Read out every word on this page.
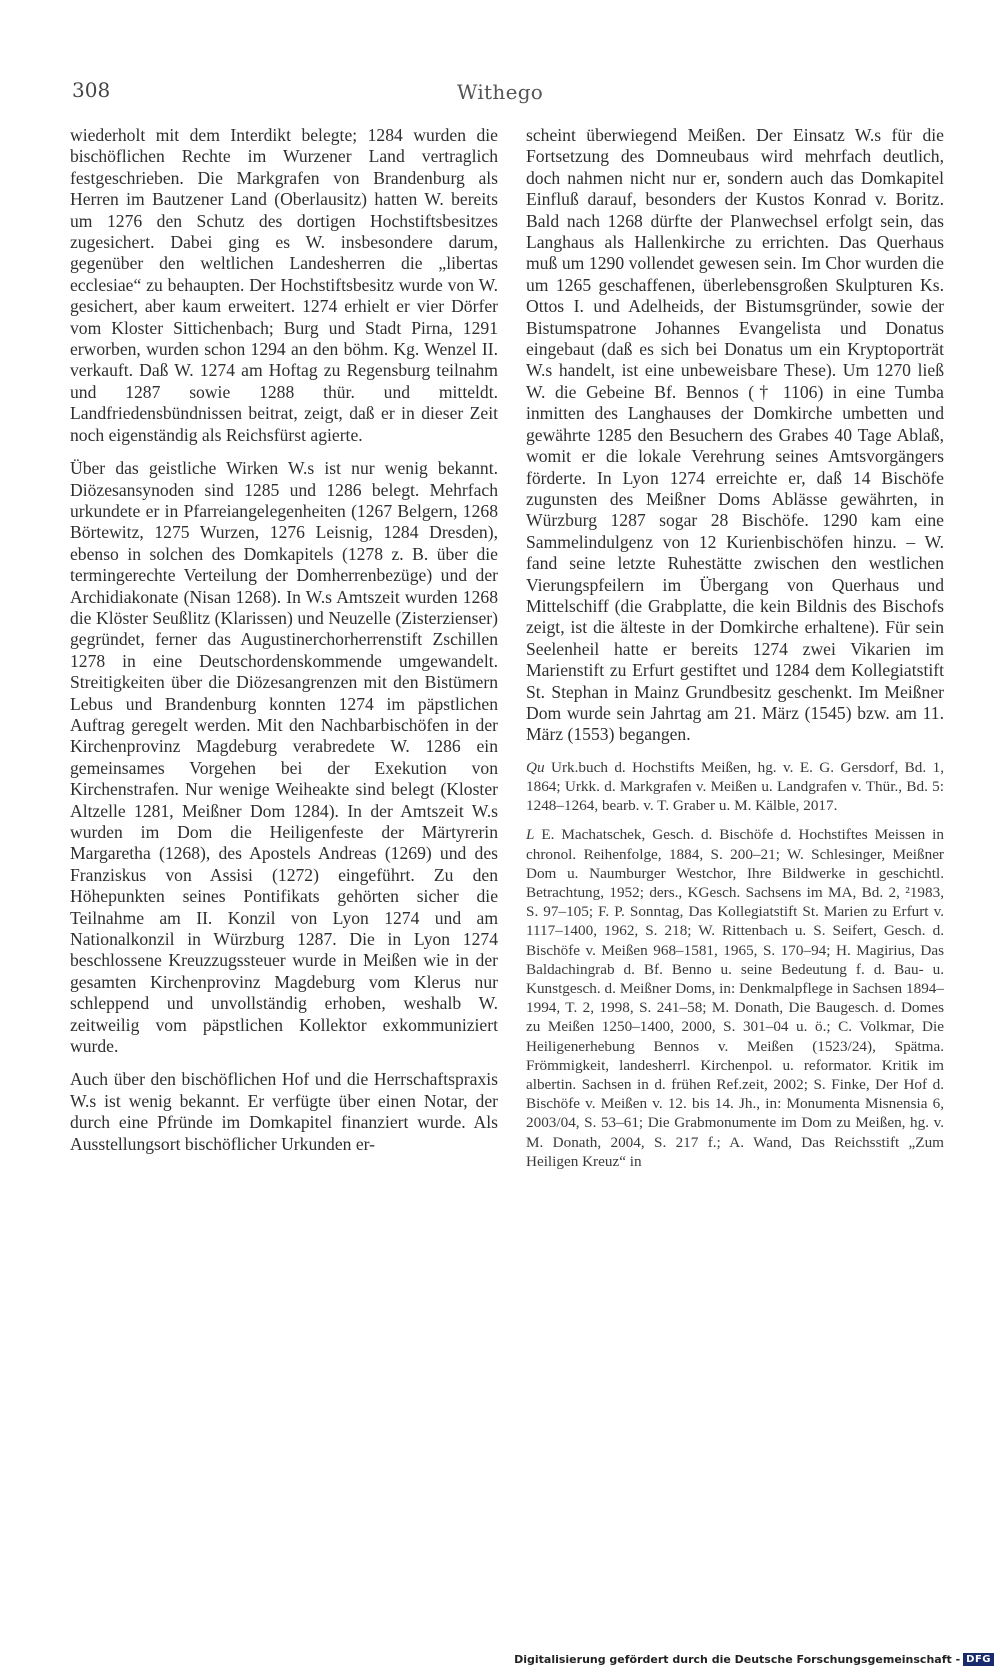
308	Withego

wiederholt mit dem Interdikt belegte; 1284 wurden die bischöflichen Rechte im Wurzener Land vertraglich festgeschrieben. Die Markgrafen von Brandenburg als Herren im Bautzener Land (Oberlausitz) hatten W. bereits um 1276 den Schutz des dortigen Hochstiftsbesitzes zugesichert. Dabei ging es W. insbesondere darum, gegenüber den weltlichen Landesherren die „libertas ecclesiae“ zu behaupten. Der Hochstiftsbesitz wurde von W. gesichert, aber kaum erweitert. 1274 erhielt er vier Dörfer vom Kloster Sittichenbach; Burg und Stadt Pirna, 1291 erworben, wurden schon 1294 an den böhm. Kg. Wenzel II. verkauft. Daß W. 1274 am Hoftag zu Regensburg teilnahm und 1287 sowie 1288 thür. und mitteldt. Landfriedensbündnissen beitrat, zeigt, daß er in dieser Zeit noch eigenständig als Reichsfürst agierte.

Über das geistliche Wirken W.s ist nur wenig bekannt. Diözesansynoden sind 1285 und 1286 belegt. Mehrfach urkundete er in Pfarreiangelegenheiten (1267 Belgern, 1268 Börtewitz, 1275 Wurzen, 1276 Leisnig, 1284 Dresden), ebenso in solchen des Domkapitels (1278 z. B. über die termingerechte Verteilung der Domherrenbezüge) und der Archidiakonate (Nisan 1268). In W.s Amtszeit wurden 1268 die Klöster Seußlitz (Klarissen) und Neuzelle (Zisterzienser) gegründet, ferner das Augustinerchorherrenstift Zschillen 1278 in eine Deutschordenskommende umgewandelt. Streitigkeiten über die Diözesangrenzen mit den Bistümern Lebus und Brandenburg konnten 1274 im päpstlichen Auftrag geregelt werden. Mit den Nachbarbischöfen in der Kirchenprovinz Magdeburg verabredete W. 1286 ein gemeinsames Vorgehen bei der Exekution von Kirchenstrafen. Nur wenige Weiheakte sind belegt (Kloster Altzelle 1281, Meißner Dom 1284). In der Amtszeit W.s wurden im Dom die Heiligenfeste der Märtyrerin Margaretha (1268), des Apostels Andreas (1269) und des Franziskus von Assisi (1272) eingeführt. Zu den Höhepunkten seines Pontifikats gehörten sicher die Teilnahme am II. Konzil von Lyon 1274 und am Nationalkonzil in Würzburg 1287. Die in Lyon 1274 beschlossene Kreuzzugssteuer wurde in Meißen wie in der gesamten Kirchenprovinz Magdeburg vom Klerus nur schleppend und unvollständig erhoben, weshalb W. zeitweilig vom päpstlichen Kollektor exkommuniziert wurde.

Auch über den bischöflichen Hof und die Herrschaftspraxis W.s ist wenig bekannt. Er verfügte über einen Notar, der durch eine Pfründe im Domkapitel finanziert wurde. Als Ausstellungsort bischöflicher Urkunden er-

scheint überwiegend Meißen. Der Einsatz W.s für die Fortsetzung des Domneubaus wird mehrfach deutlich, doch nahmen nicht nur er, sondern auch das Domkapitel Einfluß darauf, besonders der Kustos Konrad v. Boritz. Bald nach 1268 dürfte der Planwechsel erfolgt sein, das Langhaus als Hallenkirche zu errichten. Das Querhaus muß um 1290 vollendet gewesen sein. Im Chor wurden die um 1265 geschaffenen, überlebensgroßen Skulpturen Ks. Ottos I. und Adelheids, der Bistumsgründer, sowie der Bistumspatrone Johannes Evangelista und Donatus eingebaut (daß es sich bei Donatus um ein Kryptoporträt W.s handelt, ist eine unbeweisbare These). Um 1270 ließ W. die Gebeine Bf. Bennos († 1106) in eine Tumba inmitten des Langhauses der Domkirche umbetten und gewährte 1285 den Besuchern des Grabes 40 Tage Ablaß, womit er die lokale Verehrung seines Amtsvorgängers förderte. In Lyon 1274 erreichte er, daß 14 Bischöfe zugunsten des Meißner Doms Ablässe gewährten, in Würzburg 1287 sogar 28 Bischöfe. 1290 kam eine Sammelindulgenz von 12 Kurienbischöfen hinzu. – W. fand seine letzte Ruhestätte zwischen den westlichen Vierungspfeilern im Übergang von Querhaus und Mittelschiff (die Grabplatte, die kein Bildnis des Bischofs zeigt, ist die älteste in der Domkirche erhaltene). Für sein Seelenheil hatte er bereits 1274 zwei Vikarien im Marienstift zu Erfurt gestiftet und 1284 dem Kollegiatstift St. Stephan in Mainz Grundbesitz geschenkt. Im Meißner Dom wurde sein Jahrtag am 21. März (1545) bzw. am 11. März (1553) begangen.

Qu Urk.buch d. Hochstifts Meißen, hg. v. E. G. Gersdorf, Bd. 1, 1864; Urkk. d. Markgrafen v. Meißen u. Landgrafen v. Thür., Bd. 5: 1248–1264, bearb. v. T. Graber u. M. Kälble, 2017.

L E. Machatschek, Gesch. d. Bischöfe d. Hochstiftes Meissen in chronol. Reihenfolge, 1884, S. 200–21; W. Schlesinger, Meißner Dom u. Naumburger Westchor, Ihre Bildwerke in geschichtl. Betrachtung, 1952; ders., KGesch. Sachsens im MA, Bd. 2, ²1983, S. 97–105; F. P. Sonntag, Das Kollegiatstift St. Marien zu Erfurt v. 1117–1400, 1962, S. 218; W. Rittenbach u. S. Seifert, Gesch. d. Bischöfe v. Meißen 968–1581, 1965, S. 170–94; H. Magirius, Das Baldachingrab d. Bf. Benno u. seine Bedeutung f. d. Bau- u. Kunstgesch. d. Meißner Doms, in: Denkmalpflege in Sachsen 1894–1994, T. 2, 1998, S. 241–58; M. Donath, Die Baugesch. d. Domes zu Meißen 1250–1400, 2000, S. 301–04 u. ö.; C. Volkmar, Die Heiligenerhebung Bennos v. Meißen (1523/24), Spätma. Frömmigkeit, landesherrl. Kirchenpol. u. reformator. Kritik im albertin. Sachsen in d. frühen Ref.zeit, 2002; S. Finke, Der Hof d. Bischöfe v. Meißen v. 12. bis 14. Jh., in: Monumenta Misnensia 6, 2003/04, S. 53–61; Die Grabmonumente im Dom zu Meißen, hg. v. M. Donath, 2004, S. 217 f.; A. Wand, Das Reichsstift „Zum Heiligen Kreuz“ in

Digitalisierung gefördert durch die Deutsche Forschungsgemeinschaft - DFG
